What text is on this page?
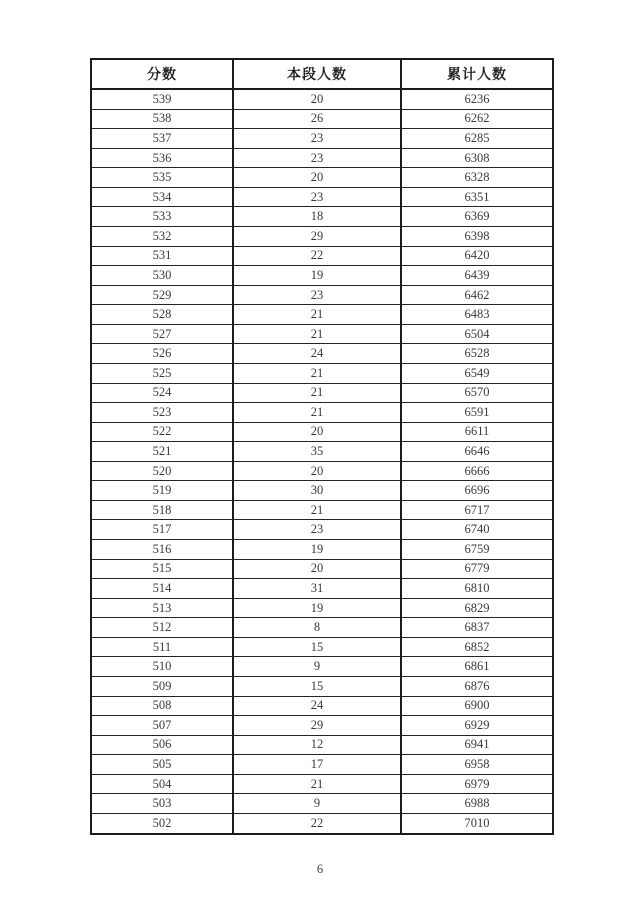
分数	本段人数	累计人数
539	20	6236
538	26	6262
537	23	6285
536	23	6308
535	20	6328
534	23	6351
533	18	6369
532	29	6398
531	22	6420
530	19	6439
529	23	6462
528	21	6483
527	21	6504
526	24	6528
525	21	6549
524	21	6570
523	21	6591
522	20	6611
521	35	6646
520	20	6666
519	30	6696
518	21	6717
517	23	6740
516	19	6759
515	20	6779
514	31	6810
513	19	6829
512	8	6837
511	15	6852
510	9	6861
509	15	6876
508	24	6900
507	29	6929
506	12	6941
505	17	6958
504	21	6979
503	9	6988
502	22	7010
6
